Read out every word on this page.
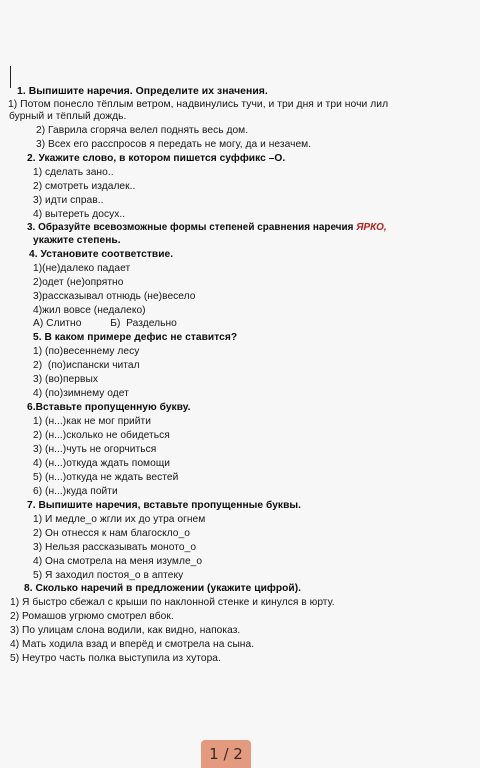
1. Выпишите наречия. Определите их значения.
1) Потом понесло тёплым ветром, надвинулись тучи, и три дня и три ночи лил
бурный и тёплый дождь.
2) Гаврила сгоряча велел поднять весь дом.
3) Всех его расспросов я передать не могу, да и незачем.
2. Укажите слово, в котором пишется суффикс –О.
1) сделать зано..
2) смотреть издалек..
3) идти справ..
4) вытереть досух..
3. Образуйте всевозможные формы степеней сравнения наречия ЯРКО,
укажите степень.
4. Установите соответствие.
1)(не)далеко падает
2)одет (не)опрятно
3)рассказывал отнюдь (не)весело
4)жил вовсе (недалеко)
А) Слитно          Б)  Раздельно
5. В каком примере дефис не ставится?
1) (по)весеннему лесу
2)  (по)испански читал
3) (во)первых
4) (по)зимнему одет
6.Вставьте пропущенную букву.
1) (н...)как не мог прийти
2) (н...)сколько не обидеться
3) (н...)чуть не огорчиться
4) (н...)откуда ждать помощи
5) (н...)откуда не ждать вестей
6) (н...)куда пойти
7. Выпишите наречия, вставьте пропущенные буквы.
1) И медле_о жгли их до утра огнем
2) Он отнесся к нам благосклo_о
3) Нельзя рассказывать монотo_о
4) Она смотрела на меня изумле_о
5) Я заходил постоя_о в аптеку
8. Сколько наречий в предложении (укажите цифрой).
1) Я быстро сбежал с крыши по наклонной стенке и кинулся в юрту.
2) Ромашов угрюмо смотрел вбок.
3) По улицам слона водили, как видно, напоказ.
4) Мать ходила взад и вперёд и смотрела на сына.
5) Неутро часть полка выступила из хутора.
1 / 2
